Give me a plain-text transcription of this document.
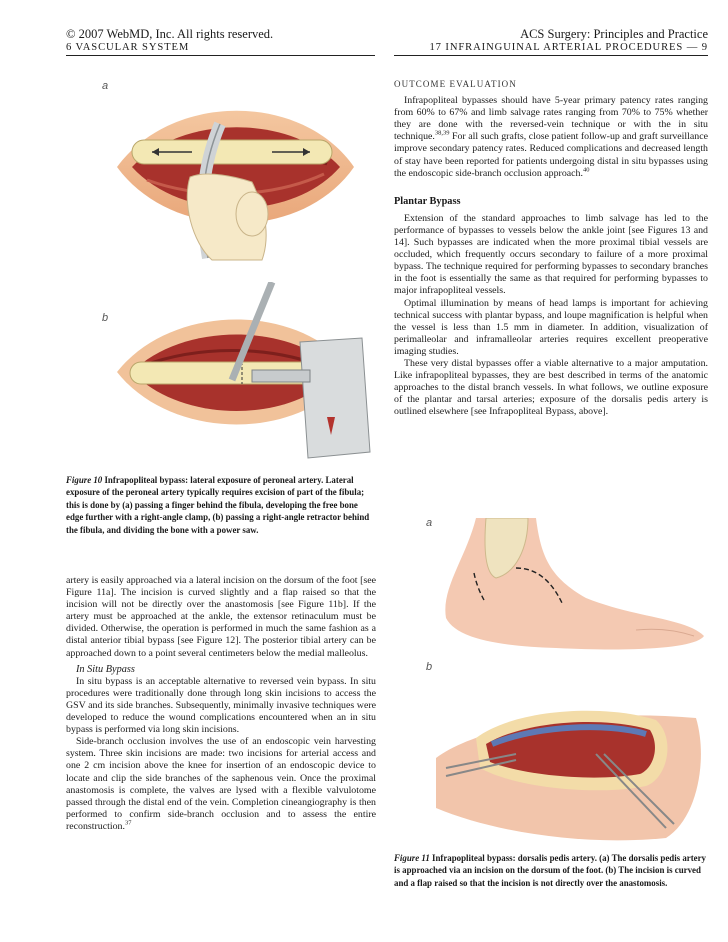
© 2007 WebMD, Inc. All rights reserved.	ACS Surgery: Principles and Practice
6 VASCULAR SYSTEM	17 INFRAINGUINAL ARTERIAL PROCEDURES — 9
a
b
Figure 10 Infrapopliteal bypass: lateral exposure of peroneal artery. Lateral exposure of the peroneal artery typically requires excision of part of the fibula; this is done by (a) passing a finger behind the fibula, developing the free bone edge further with a right-angle clamp, (b) passing a right-angle retractor behind the fibula, and dividing the bone with a power saw.

artery is easily approached via a lateral incision on the dorsum of the foot [see Figure 11a]. The incision is curved slightly and a flap raised so that the incision will not be directly over the anastomosis [see Figure 11b]. If the artery must be approached at the ankle, the extensor retinaculum must be divided. Otherwise, the operation is performed in much the same fashion as a distal anterior tibial bypass [see Figure 12]. The posterior tibial artery can be approached down to a point several centimeters below the medial malleolus.

In Situ Bypass

In situ bypass is an acceptable alternative to reversed vein bypass. In situ procedures were traditionally done through long skin incisions to access the GSV and its side branches. Subsequently, minimally invasive techniques were developed to reduce the wound complications encountered when an in situ bypass is performed via long skin incisions.

Side-branch occlusion involves the use of an endoscopic vein harvesting system. Three skin incisions are made: two incisions for arterial access and one 2 cm incision above the knee for insertion of an endoscopic device to locate and clip the side branches of the saphenous vein. Once the proximal anastomosis is complete, the valves are lysed with a flexible valvulotome passed through the distal end of the vein. Completion cineangiography is then performed to confirm side-branch occlusion and to assess the entire reconstruction.$^{37}$

OUTCOME EVALUATION

Infrapopliteal bypasses should have 5-year primary patency rates ranging from 60% to 67% and limb salvage rates ranging from 70% to 75% whether they are done with the reversed-vein technique or with the in situ technique.$^{38,39}$ For all such grafts, close patient follow-up and graft surveillance improve secondary patency rates. Reduced complications and decreased length of stay have been reported for patients undergoing distal in situ bypasses using the endoscopic side-branch occlusion approach.$^{40}$

Plantar Bypass

Extension of the standard approaches to limb salvage has led to the performance of bypasses to vessels below the ankle joint [see Figures 13 and 14]. Such bypasses are indicated when the more proximal tibial vessels are occluded, which frequently occurs secondary to failure of a more proximal bypass. The technique required for performing bypasses to secondary branches in the foot is essentially the same as that required for performing bypasses to major infrapopliteal vessels.

Optimal illumination by means of head lamps is important for achieving technical success with plantar bypass, and loupe magnification is helpful when the vessel is less than 1.5 mm in diameter. In addition, visualization of perimalleolar and inframalleolar arteries requires excellent preoperative imaging studies.

These very distal bypasses offer a viable alternative to a major amputation. Like infrapopliteal bypasses, they are best described in terms of the anatomic approaches to the distal branch vessels. In what follows, we outline exposure of the plantar and tarsal arteries; exposure of the dorsalis pedis artery is outlined elsewhere [see Infrapopliteal Bypass, above].

a
b
Figure 11 Infrapopliteal bypass: dorsalis pedis artery. (a) The dorsalis pedis artery is approached via an incision on the dorsum of the foot. (b) The incision is curved and a flap raised so that the incision is not directly over the anastomosis.
